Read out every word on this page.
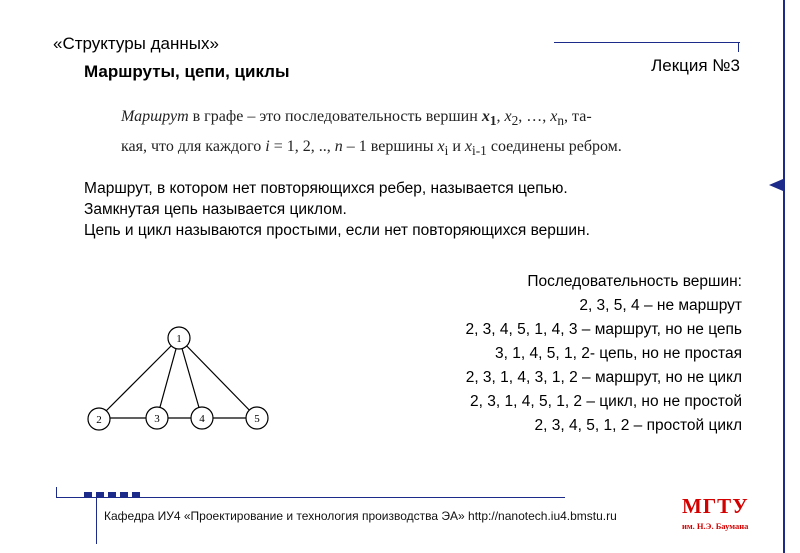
«Структуры данных»
Маршруты, цепи, циклы	Лекция №3
Маршрут в графе – это последовательность вершин $x_1$, $x_2$, …, $x_n$, та-
кая, что для каждого i = 1, 2, .., n – 1 вершины $x_i$ и $x_{i-1}$ соединены ребром.
Маршрут, в котором нет повторяющихся ребер, называется цепью.
Замкнутая цепь называется циклом.
Цепь и цикл называются простыми, если нет повторяющихся вершин.
Последовательность вершин:
2, 3, 5, 4 – не маршрут
2, 3, 4, 5, 1, 4, 3 – маршрут, но не цепь
3, 1, 4, 5, 1, 2- цепь, но не простая
2, 3, 1, 4, 3, 1, 2 – маршрут, но не цикл
2, 3, 1, 4, 5, 1, 2 – цикл, но не простой
2, 3, 4, 5, 1, 2 – простой цикл
1
2	3	4	5
Кафедра ИУ4 «Проектирование и технология производства ЭА» http://nanotech.iu4.bmstu.ru	МГТУ
им. Н.Э. Баумана
